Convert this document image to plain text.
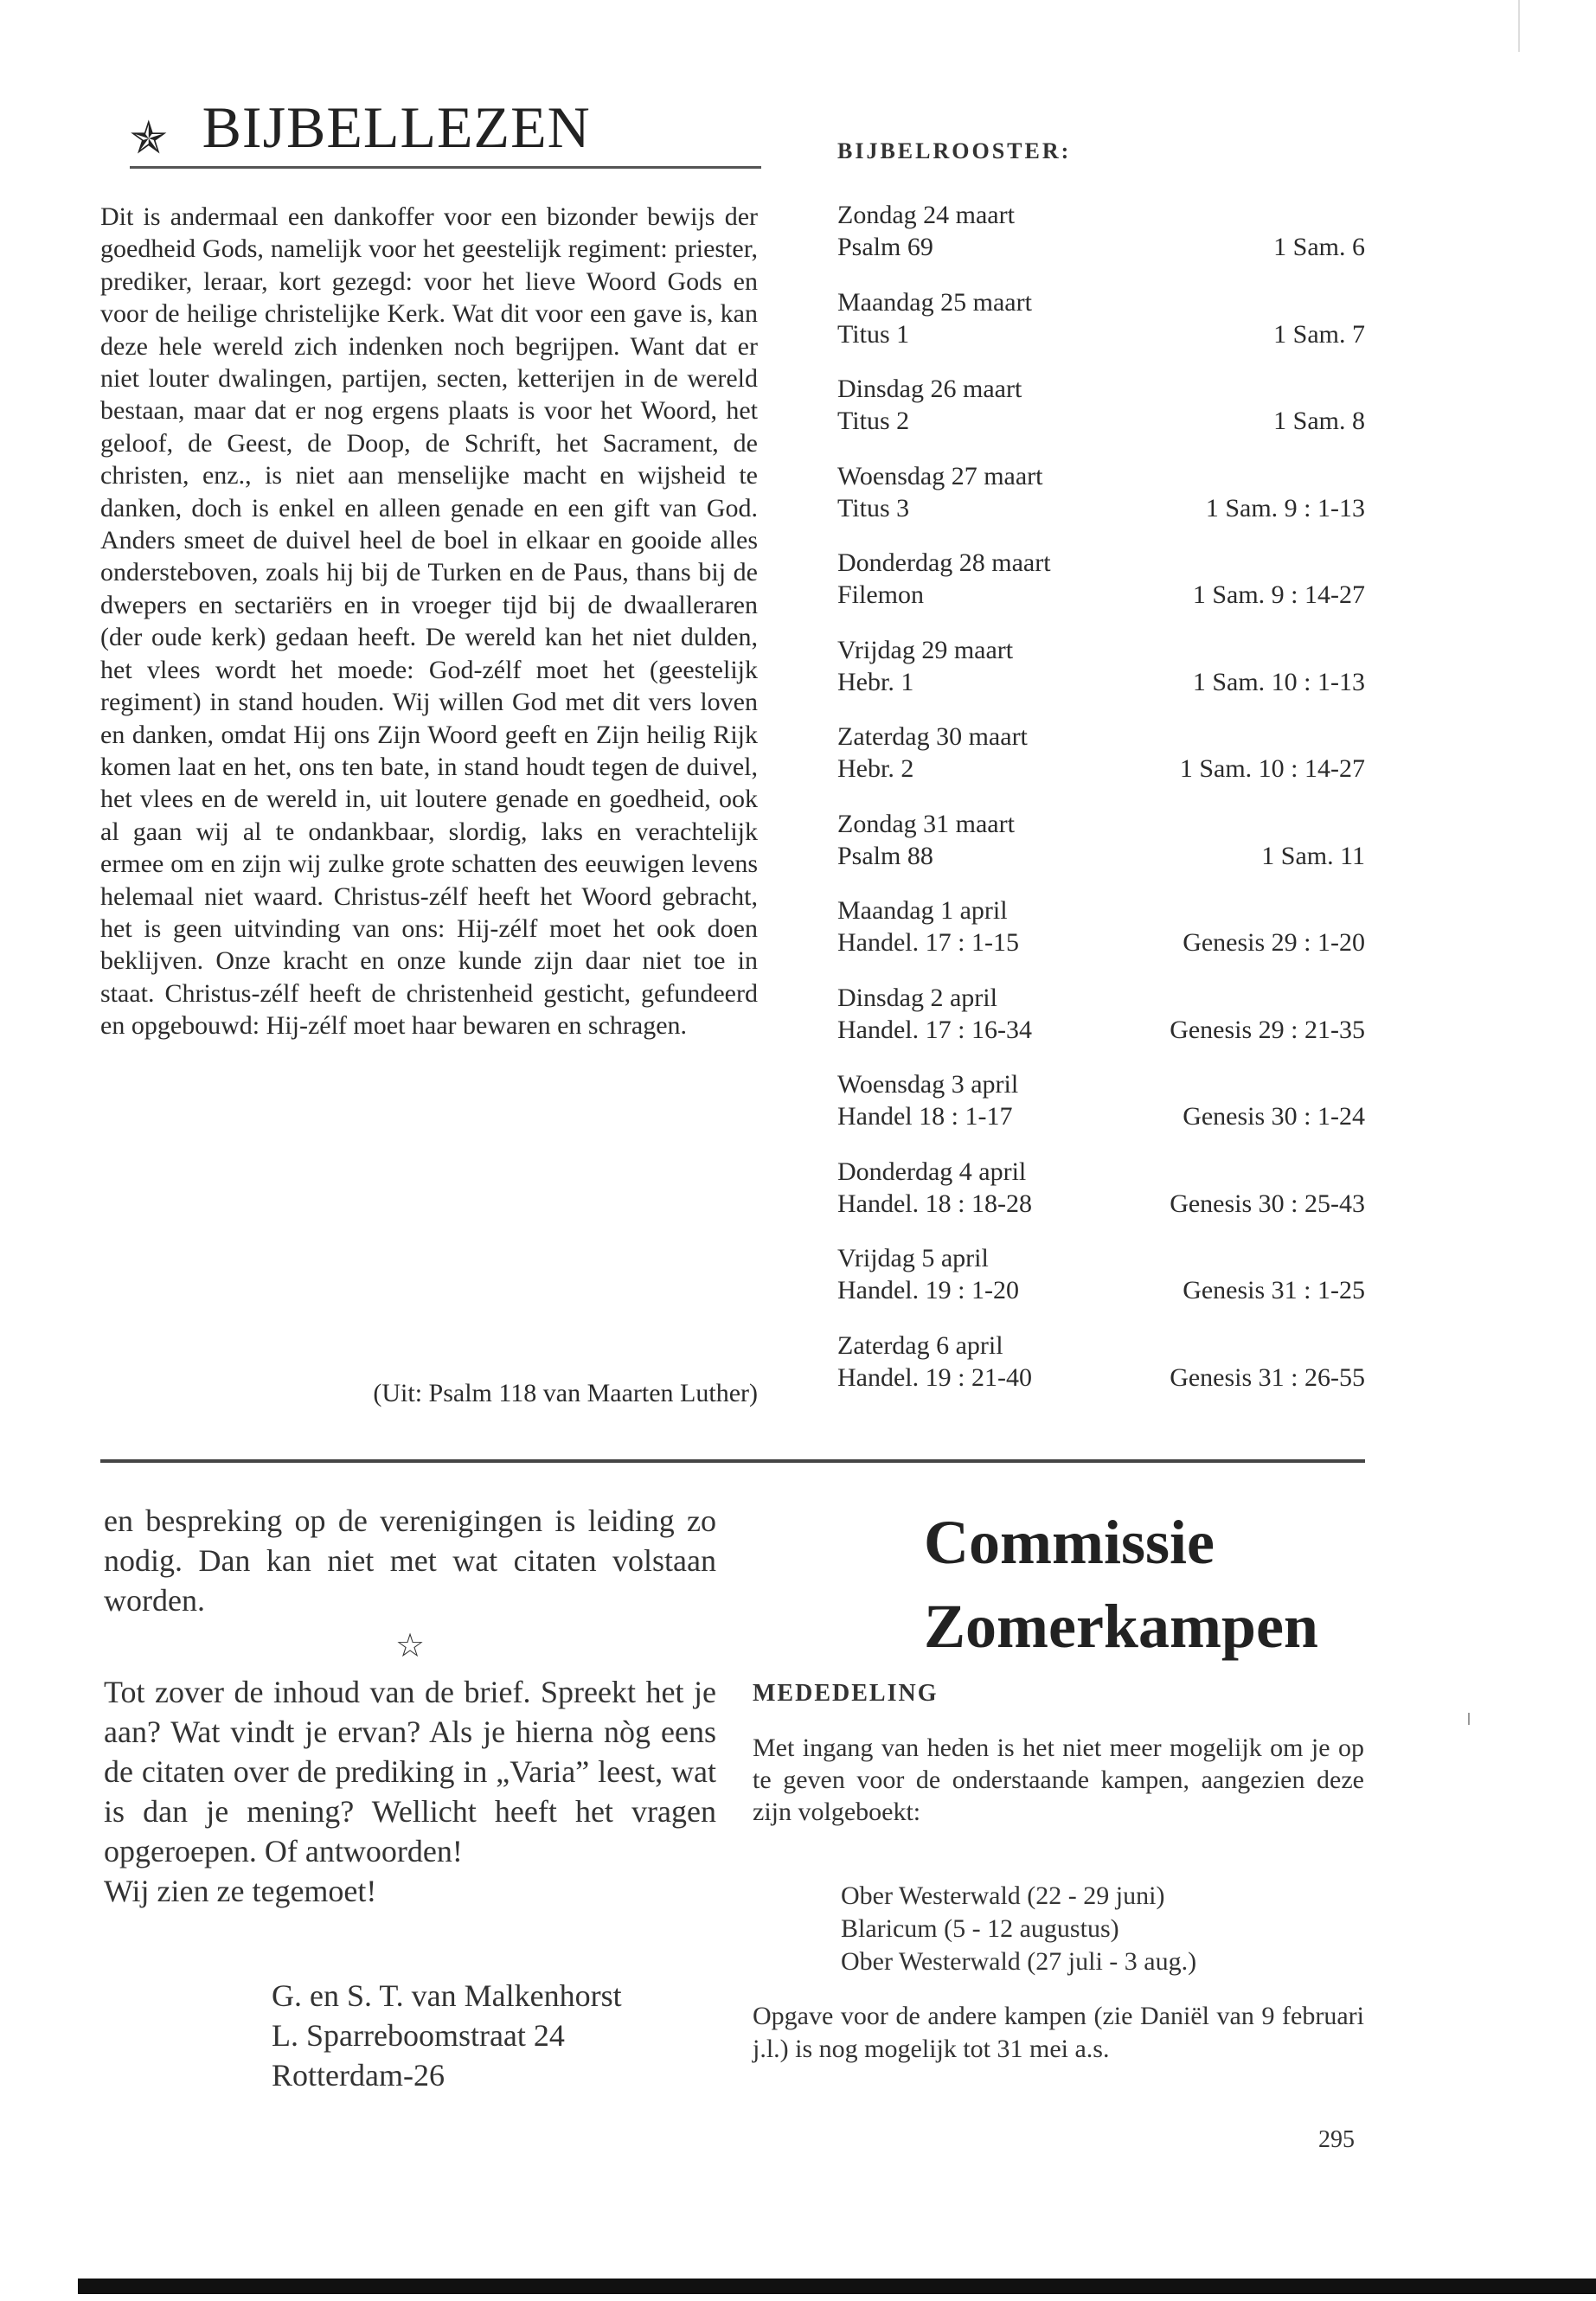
✯ BIJBELLEZEN

Dit is andermaal een dankoffer voor een bizonder bewijs der goedheid Gods, namelijk voor het geestelijk regiment: priester, prediker, leraar, kort gezegd: voor het lieve Woord Gods en voor de heilige christelijke Kerk. Wat dit voor een gave is, kan deze hele wereld zich indenken noch begrijpen. Want dat er niet louter dwalingen, partijen, secten, ketterijen in de wereld bestaan, maar dat er nog ergens plaats is voor het Woord, het geloof, de Geest, de Doop, de Schrift, het Sacrament, de christen, enz., is niet aan menselijke macht en wijsheid te danken, doch is enkel en alleen genade en een gift van God. Anders smeet de duivel heel de boel in elkaar en gooide alles ondersteboven, zoals hij bij de Turken en de Paus, thans bij de dwepers en sectariërs en in vroeger tijd bij de dwaalleraren (der oude kerk) gedaan heeft. De wereld kan het niet dulden, het vlees wordt het moede: God-zélf moet het (geestelijk regiment) in stand houden. Wij willen God met dit vers loven en danken, omdat Hij ons Zijn Woord geeft en Zijn heilig Rijk komen laat en het, ons ten bate, in stand houdt tegen de duivel, het vlees en de wereld in, uit loutere genade en goedheid, ook al gaan wij al te ondankbaar, slordig, laks en verachtelijk ermee om en zijn wij zulke grote schatten des eeuwigen levens helemaal niet waard. Christus-zélf heeft het Woord gebracht, het is geen uitvinding van ons: Hij-zélf moet het ook doen beklijven. Onze kracht en onze kunde zijn daar niet toe in staat. Christus-zélf heeft de christenheid gesticht, gefundeerd en opgebouwd: Hij-zélf moet haar bewaren en schragen.

(Uit: Psalm 118 van Maarten Luther)
BIJBELROOSTER:
Zondag 24 maart
Psalm 69	1 Sam. 6
Maandag 25 maart
Titus 1	1 Sam. 7
Dinsdag 26 maart
Titus 2	1 Sam. 8
Woensdag 27 maart
Titus 3	1 Sam. 9 : 1-13
Donderdag 28 maart
Filemon	1 Sam. 9 : 14-27
Vrijdag 29 maart
Hebr. 1	1 Sam. 10 : 1-13
Zaterdag 30 maart
Hebr. 2	1 Sam. 10 : 14-27
Zondag 31 maart
Psalm 88	1 Sam. 11
Maandag 1 april
Handel. 17 : 1-15	Genesis 29 : 1-20
Dinsdag 2 april
Handel. 17 : 16-34	Genesis 29 : 21-35
Woensdag 3 april
Handel 18 : 1-17	Genesis 30 : 1-24
Donderdag 4 april
Handel. 18 : 18-28	Genesis 30 : 25-43
Vrijdag 5 april
Handel. 19 : 1-20	Genesis 31 : 1-25
Zaterdag 6 april
Handel. 19 : 21-40	Genesis 31 : 26-55

en bespreking op de verenigingen is leiding zo nodig. Dan kan niet met wat citaten volstaan worden.

☆

Tot zover de inhoud van de brief. Spreekt het je aan? Wat vindt je ervan? Als je hierna nòg eens de citaten over de prediking in „Varia” leest, wat is dan je mening? Wellicht heeft het vragen opgeroepen. Of antwoorden!

Wij zien ze tegemoet!

G. en S. T. van Malkenhorst
L. Sparreboomstraat 24
Rotterdam-26
Commissie
Zomerkampen
MEDEDELING
Met ingang van heden is het niet meer mogelijk om je op te geven voor de onderstaande kampen, aangezien deze zijn volgeboekt:
Ober Westerwald (22 - 29 juni)
Blaricum (5 - 12 augustus)
Ober Westerwald (27 juli - 3 aug.)
Opgave voor de andere kampen (zie Daniël van 9 februari j.l.) is nog mogelijk tot 31 mei a.s.
295
